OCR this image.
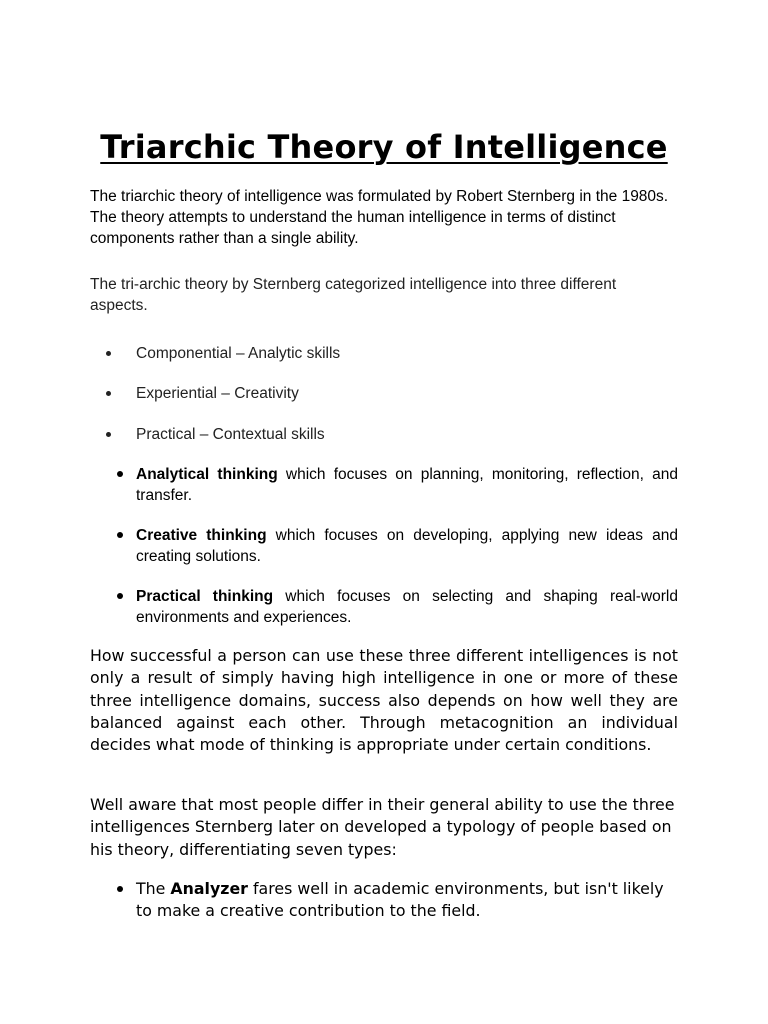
Triarchic Theory of Intelligence

The triarchic theory of intelligence was formulated by Robert Sternberg in the 1980s. The theory attempts to understand the human intelligence in terms of distinct components rather than a single ability.

The tri-archic theory by Sternberg categorized intelligence into three different aspects.

Componential – Analytic skills
Experiential – Creativity
Practical – Contextual skills

Analytical thinking which focuses on planning, monitoring, reflection, and transfer.

Creative thinking which focuses on developing, applying new ideas and creating solutions.

Practical thinking which focuses on selecting and shaping real-world environments and experiences.

How successful a person can use these three different intelligences is not only a result of simply having high intelligence in one or more of these three intelligence domains, success also depends on how well they are balanced against each other. Through metacognition an individual decides what mode of thinking is appropriate under certain conditions.

Well aware that most people differ in their general ability to use the three intelligences Sternberg later on developed a typology of people based on his theory, differentiating seven types:

The Analyzer fares well in academic environments, but isn't likely to make a creative contribution to the field.
